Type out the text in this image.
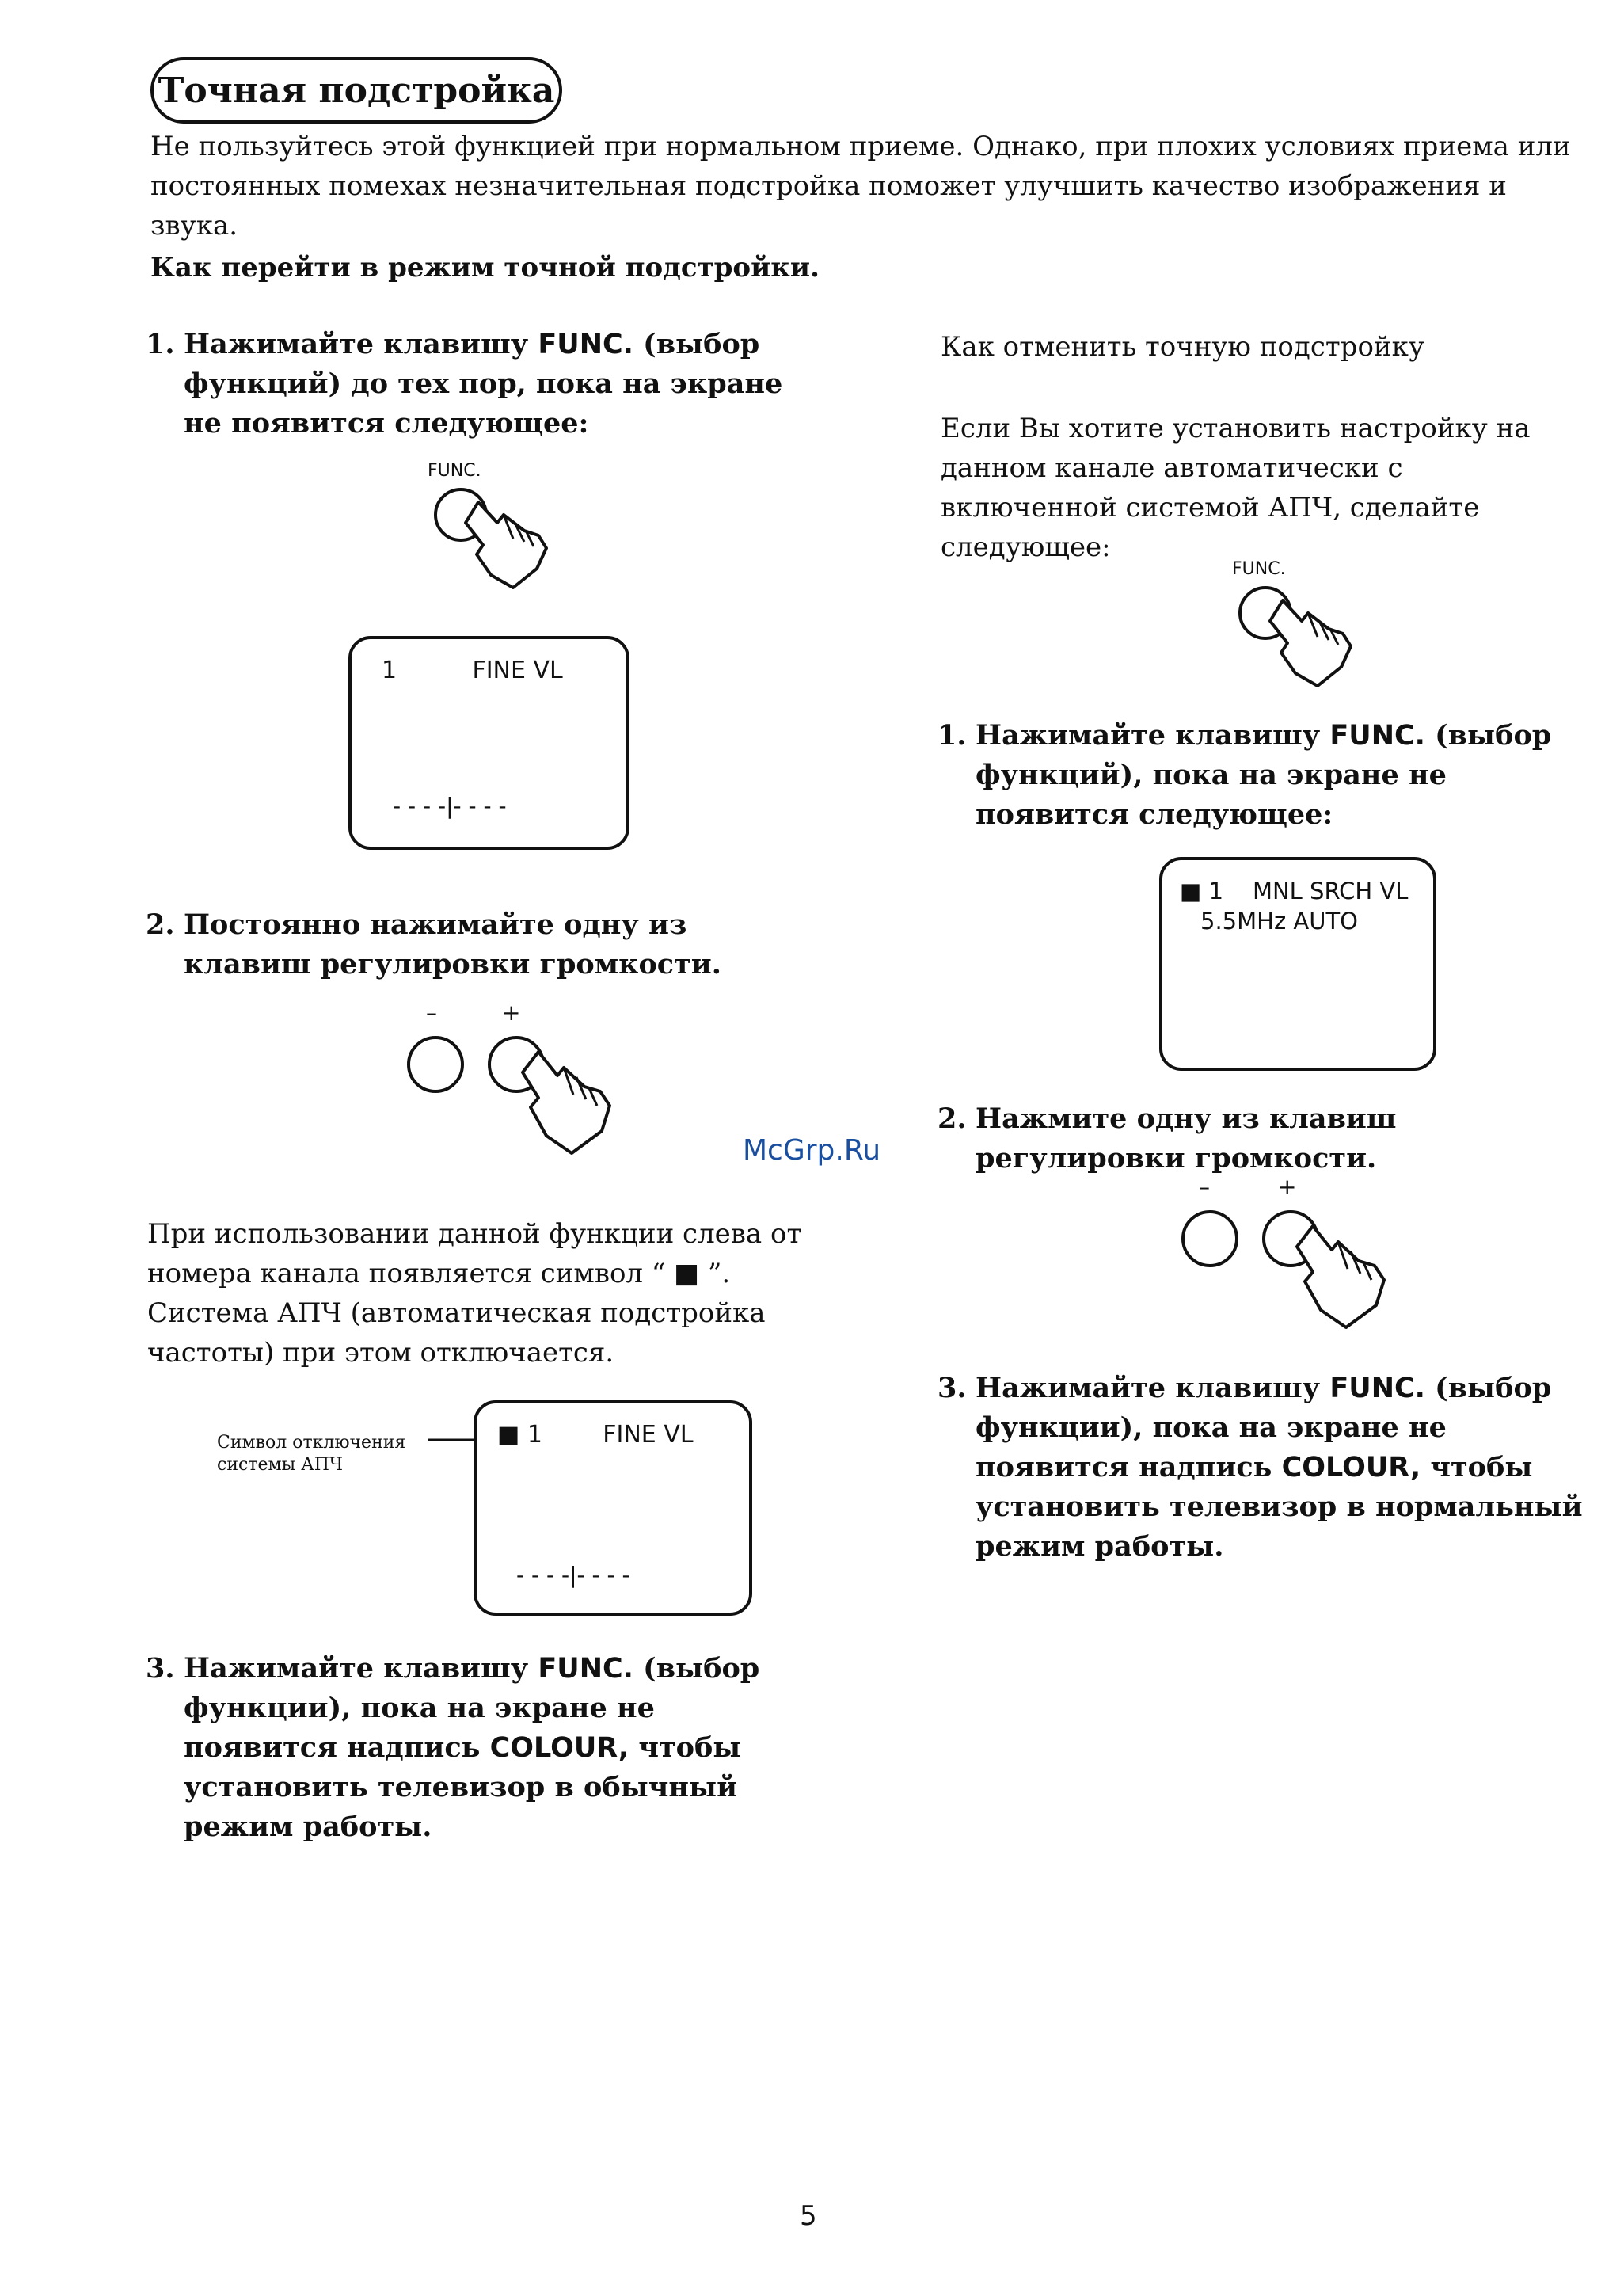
Точная подстройка
Не пользуйтесь этой функцией при нормальном приеме. Однако, при плохих условиях приема или постоянных помехах незначительная подстройка поможет улучшить качество изображения и звука.
Как перейти в режим точной подстройки.
1. Нажимайте клавишу FUNC. (выбор функций) до тех пор, пока на экране не появится следующее:
FUNC.
1          FINE VL
- - - -|- - - -
2. Постоянно нажимайте одну из клавиш регулировки громкости.
–	+
При использовании данной функции слева от номера канала появляется символ “ ■ ”. Система АПЧ (автоматическая подстройка частоты) при этом отключается.
Символ отключения системы АПЧ
■ 1        FINE VL
- - - -|- - - -
3. Нажимайте клавишу FUNC. (выбор функции), пока на экране не появится надпись COLOUR, чтобы установить телевизор в обычный режим работы.
Как отменить точную подстройку
Если Вы хотите установить настройку на данном канале автоматически с включенной системой АПЧ, сделайте следующее:
FUNC.
1. Нажимайте клавишу FUNC. (выбор функций), пока на экране не появится следующее:
■ 1    MNL SRCH VL
5.5MHz AUTO
2. Нажмите одну из клавиш регулировки громкости.
–	+
3. Нажимайте клавишу FUNC. (выбор функции), пока на экране не появится надпись COLOUR, чтобы установить телевизор в нормальный режим работы.
McGrp.Ru
5
